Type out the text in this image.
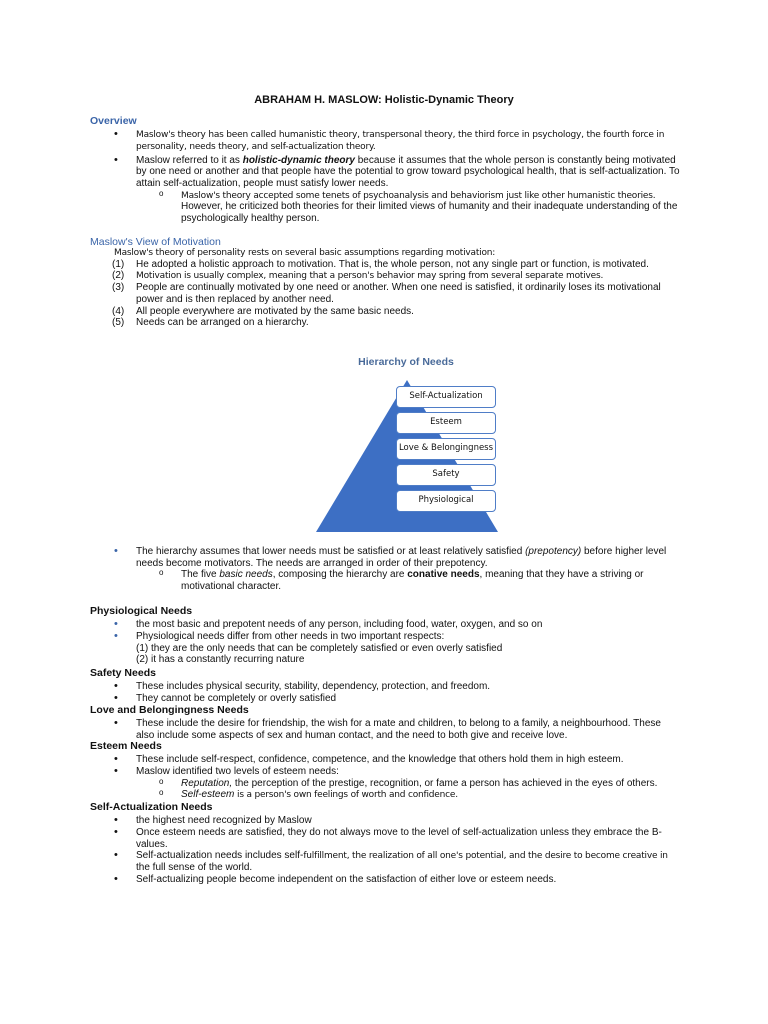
ABRAHAM H. MASLOW: Holistic-Dynamic Theory
Overview
• Maslow's theory has been called humanistic theory, transpersonal theory, the third force in psychology, the fourth force in personality, needs theory, and self-actualization theory.
• Maslow referred to it as holistic-dynamic theory because it assumes that the whole person is constantly being motivated by one need or another and that people have the potential to grow toward psychological health, that is self-actualization. To attain self-actualization, people must satisfy lower needs.
o Maslow's theory accepted some tenets of psychoanalysis and behaviorism just like other humanistic theories. However, he criticized both theories for their limited views of humanity and their inadequate understanding of the psychologically healthy person.
Maslow's View of Motivation
Maslow's theory of personality rests on several basic assumptions regarding motivation:
(1) He adopted a holistic approach to motivation. That is, the whole person, not any single part or function, is motivated.
(2) Motivation is usually complex, meaning that a person's behavior may spring from several separate motives.
(3) People are continually motivated by one need or another. When one need is satisfied, it ordinarily loses its motivational power and is then replaced by another need.
(4) All people everywhere are motivated by the same basic needs.
(5) Needs can be arranged on a hierarchy.
Hierarchy of Needs
Self-Actualization
Esteem
Love & Belongingness
Safety
Physiological
• The hierarchy assumes that lower needs must be satisfied or at least relatively satisfied (prepotency) before higher level needs become motivators. The needs are arranged in order of their prepotency.
o The five basic needs, composing the hierarchy are conative needs, meaning that they have a striving or motivational character.
Physiological Needs
• the most basic and prepotent needs of any person, including food, water, oxygen, and so on
• Physiological needs differ from other needs in two important respects:
(1) they are the only needs that can be completely satisfied or even overly satisfied
(2) it has a constantly recurring nature
Safety Needs
• These includes physical security, stability, dependency, protection, and freedom.
• They cannot be completely or overly satisfied
Love and Belongingness Needs
• These include the desire for friendship, the wish for a mate and children, to belong to a family, a neighbourhood. These also include some aspects of sex and human contact, and the need to both give and receive love.
Esteem Needs
• These include self-respect, confidence, competence, and the knowledge that others hold them in high esteem.
• Maslow identified two levels of esteem needs:
o Reputation, the perception of the prestige, recognition, or fame a person has achieved in the eyes of others.
o Self-esteem is a person's own feelings of worth and confidence.
Self-Actualization Needs
• the highest need recognized by Maslow
• Once esteem needs are satisfied, they do not always move to the level of self-actualization unless they embrace the B-values.
• Self-actualization needs includes self-fulfillment, the realization of all one's potential, and the desire to become creative in the full sense of the world.
• Self-actualizing people become independent on the satisfaction of either love or esteem needs.
